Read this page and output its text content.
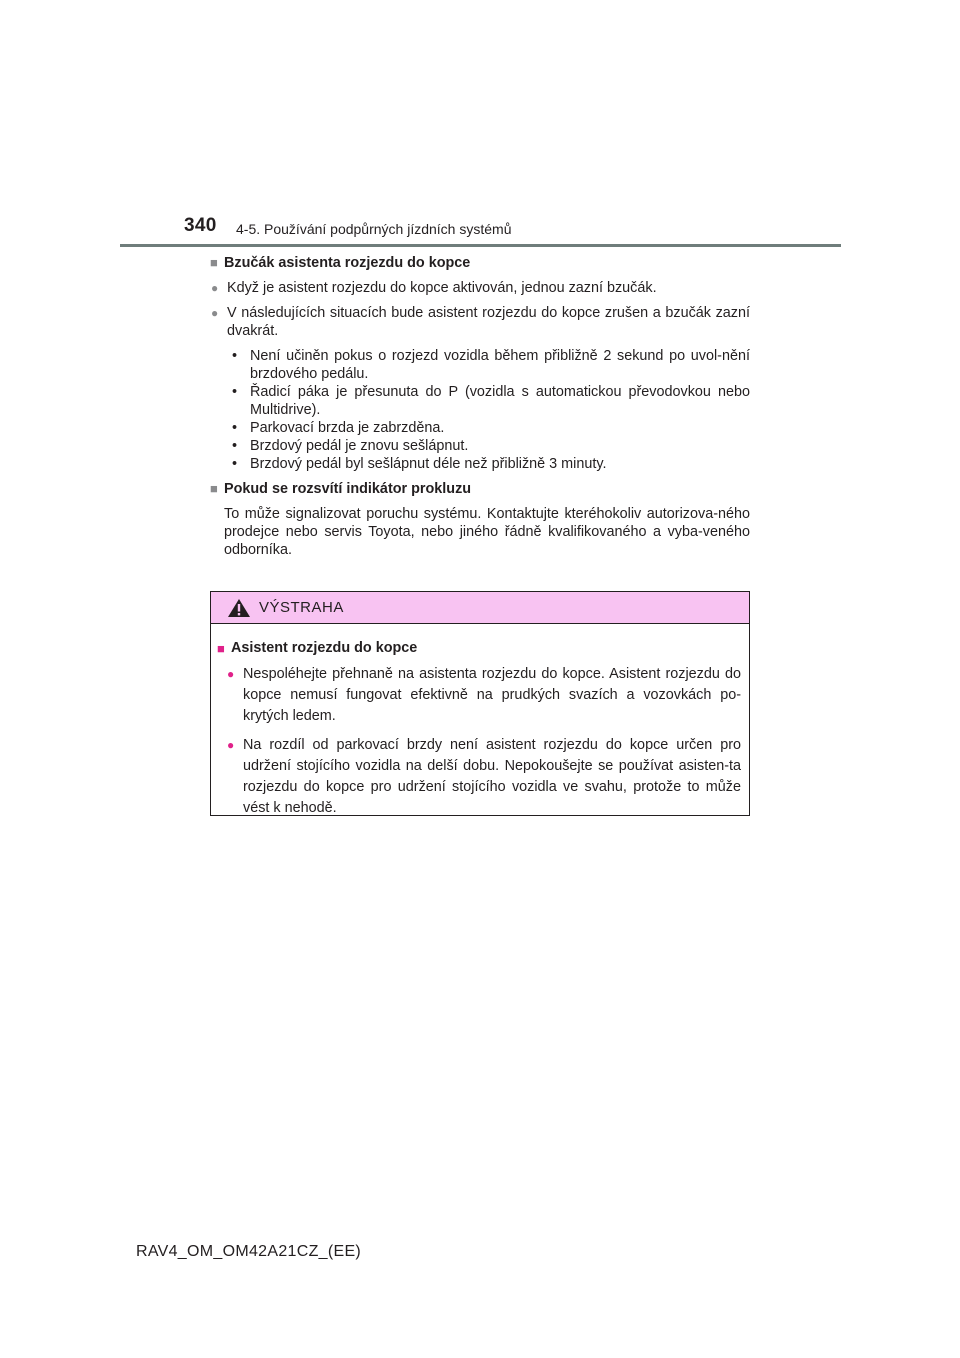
340 4-5. Používání podpůrných jízdních systémů
■ Bzučák asistenta rozjezdu do kopce
● Když je asistent rozjezdu do kopce aktivován, jednou zazní bzučák.
● V následujících situacích bude asistent rozjezdu do kopce zrušen a bzučák zazní dvakrát.
• Není učiněn pokus o rozjezd vozidla během přibližně 2 sekund po uvol-nění brzdového pedálu.
• Řadicí páka je přesunuta do P (vozidla s automatickou převodovkou nebo Multidrive).
• Parkovací brzda je zabrzděna.
• Brzdový pedál je znovu sešlápnut.
• Brzdový pedál byl sešlápnut déle než přibližně 3 minuty.
■ Pokud se rozsvítí indikátor prokluzu
To může signalizovat poruchu systému. Kontaktujte kteréhokoliv autorizova-ného prodejce nebo servis Toyota, nebo jiného řádně kvalifikovaného a vyba-veného odborníka.
VÝSTRAHA
■ Asistent rozjezdu do kopce
● Nespoléhejte přehnaně na asistenta rozjezdu do kopce. Asistent rozjezdu do kopce nemusí fungovat efektivně na prudkých svazích a vozovkách po-krytých ledem.
● Na rozdíl od parkovací brzdy není asistent rozjezdu do kopce určen pro udržení stojícího vozidla na delší dobu. Nepokoušejte se používat asisten-ta rozjezdu do kopce pro udržení stojícího vozidla ve svahu, protože to může vést k nehodě.
RAV4_OM_OM42A21CZ_(EE)
